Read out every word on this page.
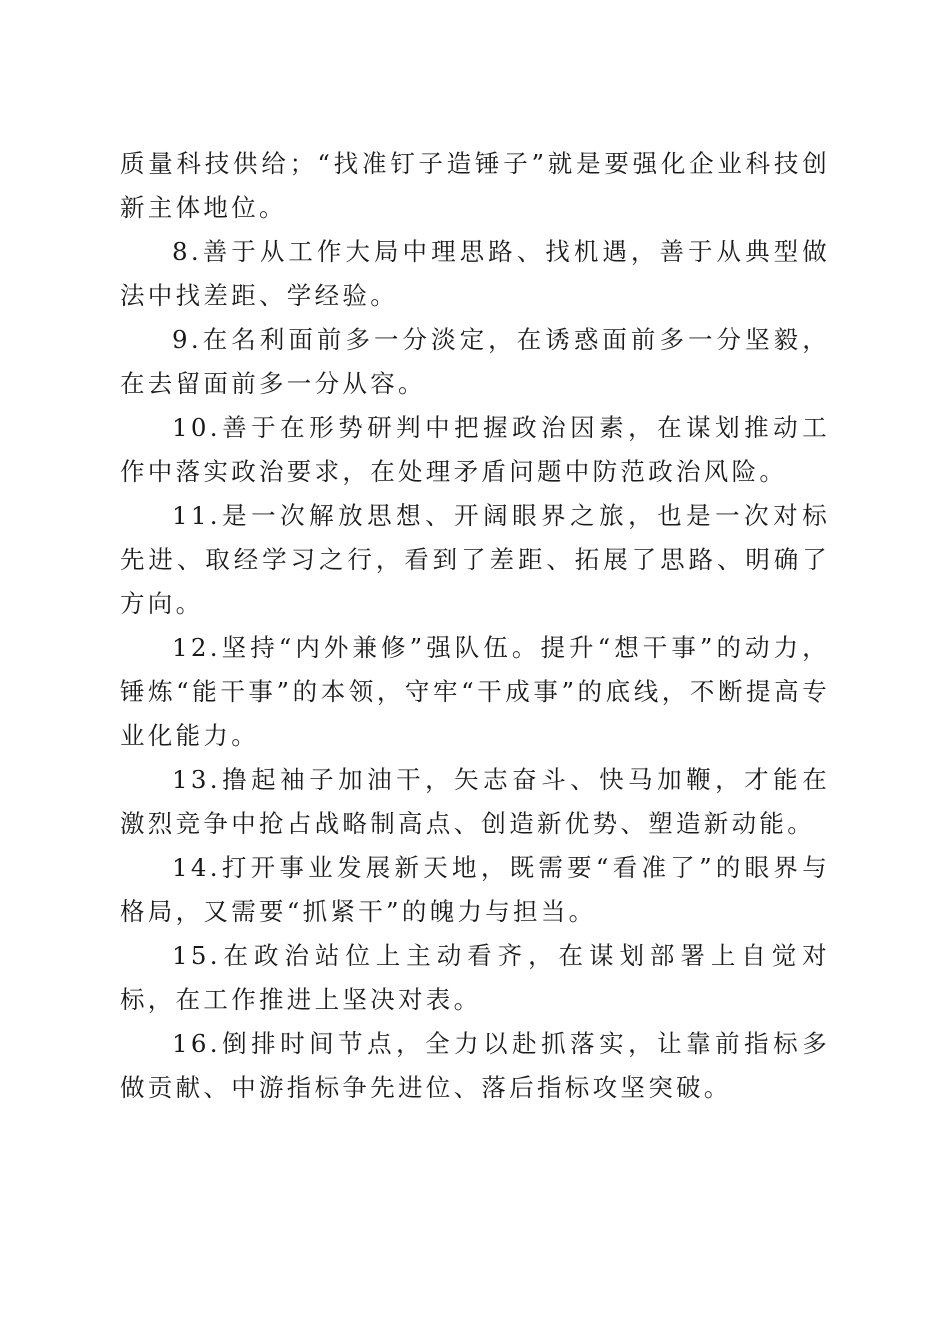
质量科技供给；“找准钉子造锤子”就是要强化企业科技创新主体地位。

8.善于从工作大局中理思路、找机遇，善于从典型做法中找差距、学经验。

9.在名利面前多一分淡定，在诱惑面前多一分坚毅，在去留面前多一分从容。

10.善于在形势研判中把握政治因素，在谋划推动工作中落实政治要求，在处理矛盾问题中防范政治风险。

11.是一次解放思想、开阔眼界之旅，也是一次对标先进、取经学习之行，看到了差距、拓展了思路、明确了方向。

12.坚持“内外兼修”强队伍。提升“想干事”的动力，锤炼“能干事”的本领，守牢“干成事”的底线，不断提高专业化能力。

13.撸起袖子加油干，矢志奋斗、快马加鞭，才能在激烈竞争中抢占战略制高点、创造新优势、塑造新动能。

14.打开事业发展新天地，既需要“看准了”的眼界与格局，又需要“抓紧干”的魄力与担当。

15.在政治站位上主动看齐，在谋划部署上自觉对标，在工作推进上坚决对表。

16.倒排时间节点，全力以赴抓落实，让靠前指标多做贡献、中游指标争先进位、落后指标攻坚突破。
